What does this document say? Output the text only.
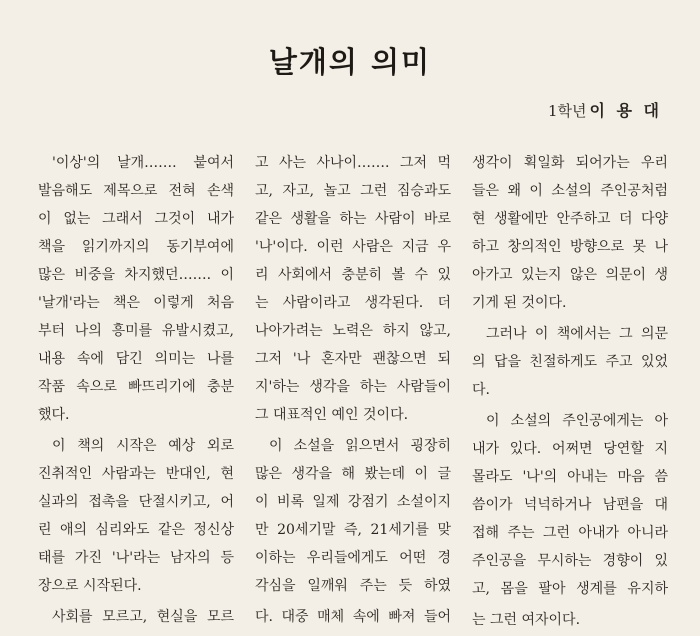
날개의 의미
1학년 이 용 대
'이상'의 날개……. 붙여서
발음해도 제목으로 전혀 손색
이 없는 그래서 그것이 내가
책을 읽기까지의 동기부여에
많은 비중을 차지했던……. 이
'날개'라는 책은 이렇게 처음
부터 나의 흥미를 유발시켰고,
내용 속에 담긴 의미는 나를
작품 속으로 빠뜨리기에 충분
했다.
이 책의 시작은 예상 외로
진취적인 사람과는 반대인, 현
실과의 접촉을 단절시키고, 어
린 애의 심리와도 같은 정신상
태를 가진 '나'라는 남자의 등
장으로 시작된다.
사회를 모르고, 현실을 모르
고 사는 사나이……. 그저 먹
고, 자고, 놀고 그런 짐승과도
같은 생활을 하는 사람이 바로
'나'이다. 이런 사람은 지금 우
리 사회에서 충분히 볼 수 있
는 사람이라고 생각된다. 더
나아가려는 노력은 하지 않고,
그저 '나 혼자만 괜찮으면 되
지'하는 생각을 하는 사람들이
그 대표적인 예인 것이다.
이 소설을 읽으면서 굉장히
많은 생각을 해 봤는데 이 글
이 비록 일제 강점기 소설이지
만 20세기말 즉, 21세기를 맞
이하는 우리들에게도 어떤 경
각심을 일깨워 주는 듯 하였
다. 대중 매체 속에 빠져 들어
생각이 획일화 되어가는 우리
들은 왜 이 소설의 주인공처럼
현 생활에만 안주하고 더 다양
하고 창의적인 방향으로 못 나
아가고 있는지 않은 의문이 생
기게 된 것이다.
그러나 이 책에서는 그 의문
의 답을 친절하게도 주고 있었
다.
이 소설의 주인공에게는 아
내가 있다. 어쩌면 당연할 지
몰라도 '나'의 아내는 마음 씀
씀이가 넉넉하거나 남편을 대
접해 주는 그런 아내가 아니라
주인공을 무시하는 경향이 있
고, 몸을 팔아 생계를 유지하
는 그런 여자이다.
